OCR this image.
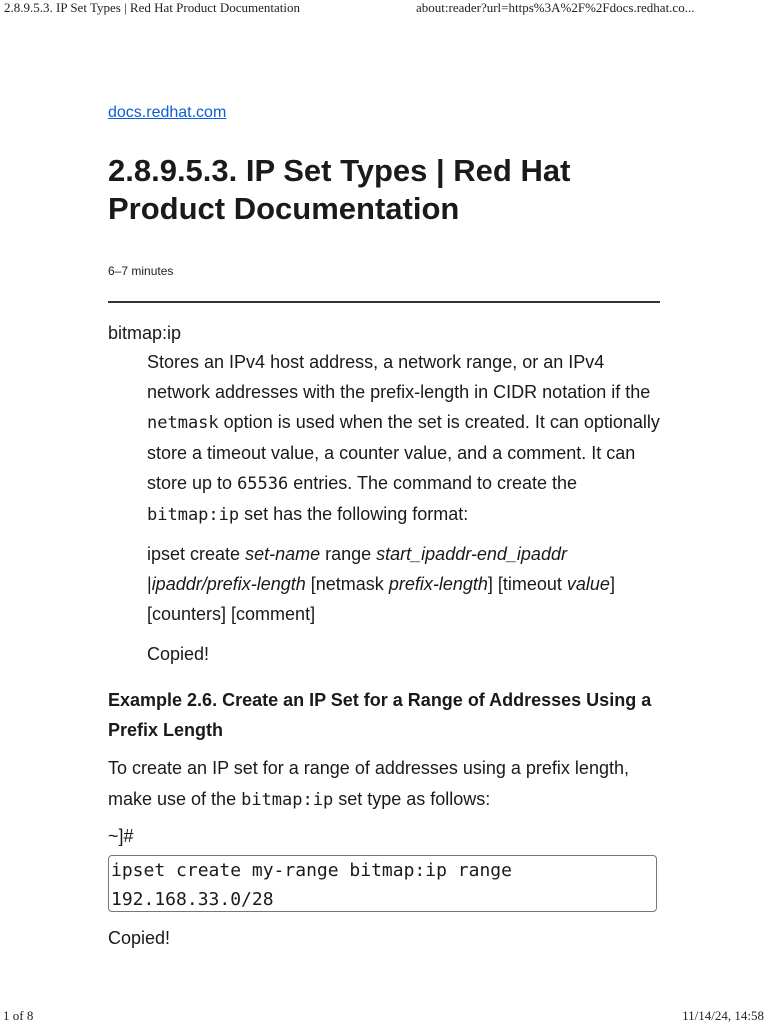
2.8.9.5.3. IP Set Types | Red Hat Product Documentation	about:reader?url=https%3A%2F%2Fdocs.redhat.co...
docs.redhat.com
2.8.9.5.3. IP Set Types | Red Hat Product Documentation
6–7 minutes
bitmap:ip

Stores an IPv4 host address, a network range, or an IPv4 network addresses with the prefix-length in CIDR notation if the netmask option is used when the set is created. It can optionally store a timeout value, a counter value, and a comment. It can store up to 65536 entries. The command to create the bitmap:ip set has the following format:

ipset create set-name range start_ipaddr-end_ipaddr |ipaddr/prefix-length [netmask prefix-length] [timeout value] [counters] [comment]

Copied!
Example 2.6. Create an IP Set for a Range of Addresses Using a Prefix Length

To create an IP set for a range of addresses using a prefix length, make use of the bitmap:ip set type as follows:

~]#
ipset create my-range bitmap:ip range 192.168.33.0/28
Copied!
1 of 8	11/14/24, 14:58
